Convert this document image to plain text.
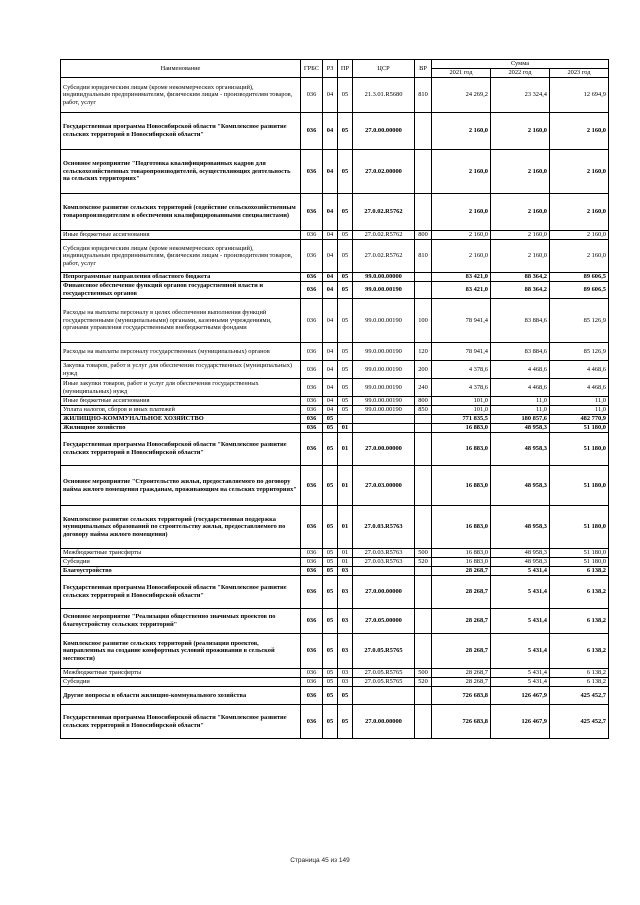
Наименование	ГРБС	РЗ	ПР	ЦСР	ВР	Сумма		
						2021 год	2022 год	2023 год
Субсидии юридическим лицам (кроме некоммерческих организаций), индивидуальным предпринимателям, физическим лицам - производителям товаров, работ, услуг	036	04	05	21.3.01.R5680	810	24 269,2	23 324,4	12 694,9
Государственная программа Новосибирской области "Комплексное развитие сельских территорий в Новосибирской области"	036	04	05	27.0.00.00000		2 160,0	2 160,0	2 160,0
Основное мероприятие "Подготовка квалифицированных кадров для сельскохозяйственных товаропроизводителей, осуществляющих деятельность на сельских территориях"	036	04	05	27.0.02.00000		2 160,0	2 160,0	2 160,0
Комплексное развитие сельских территорий (содействие сельскохозяйственным товаропроизводителям в обеспечении квалифицированными специалистами)	036	04	05	27.0.02.R5762		2 160,0	2 160,0	2 160,0
Иные бюджетные ассигнования	036	04	05	27.0.02.R5762	800	2 160,0	2 160,0	2 160,0
Субсидии юридическим лицам (кроме некоммерческих организаций), индивидуальным предпринимателям, физическим лицам - производителям товаров, работ, услуг	036	04	05	27.0.02.R5762	810	2 160,0	2 160,0	2 160,0
Непрограммные направления областного бюджета	036	04	05	99.0.00.00000		83 421,0	88 364,2	89 606,5
Финансовое обеспечение функций органов государственной власти и государственных органов	036	04	05	99.0.00.00190		83 421,0	88 364,2	89 606,5
Расходы на выплаты персоналу в целях обеспечения выполнения функций государственными (муниципальными) органами, казенными учреждениями, органами управления государственными внебюджетными фондами	036	04	05	99.0.00.00190	100	78 941,4	83 884,6	85 126,9
Расходы на выплаты персоналу государственных (муниципальных) органов	036	04	05	99.0.00.00190	120	78 941,4	83 884,6	85 126,9
Закупка товаров, работ и услуг для обеспечения государственных (муниципальных) нужд	036	04	05	99.0.00.00190	200	4 378,6	4 468,6	4 468,6
Иные закупки товаров, работ и услуг для обеспечения государственных (муниципальных) нужд	036	04	05	99.0.00.00190	240	4 378,6	4 468,6	4 468,6
Иные бюджетные ассигнования	036	04	05	99.0.00.00190	800	101,0	11,0	11,0
Уплата налогов, сборов и иных платежей	036	04	05	99.0.00.00190	850	101,0	11,0	11,0
ЖИЛИЩНО-КОММУНАЛЬНОЕ ХОЗЯЙСТВО	036	05				771 835,5	180 857,6	482 770,9
Жилищное хозяйство	036	05	01			16 883,0	48 958,3	51 180,0
Государственная программа Новосибирской области "Комплексное развитие сельских территорий в Новосибирской области"	036	05	01	27.0.00.00000		16 883,0	48 958,3	51 180,0
Основное мероприятие "Строительство жилья, предоставляемого по договору найма жилого помещения гражданам, проживающим на сельских территориях"	036	05	01	27.0.03.00000		16 883,0	48 958,3	51 180,0
Комплексное развитие сельских территорий (государственная поддержка муниципальных образований по строительству жилья, предоставляемого по договору найма жилого помещения)	036	05	01	27.0.03.R5763		16 883,0	48 958,3	51 180,0
Межбюджетные трансферты	036	05	01	27.0.03.R5763	500	16 883,0	48 958,3	51 180,0
Субсидии	036	05	01	27.0.03.R5763	520	16 883,0	48 958,3	51 180,0
Благоустройство	036	05	03			28 268,7	5 431,4	6 138,2
Государственная программа Новосибирской области "Комплексное развитие сельских территорий в Новосибирской области"	036	05	03	27.0.00.00000		28 268,7	5 431,4	6 138,2
Основное мероприятие "Реализация общественно значимых проектов по благоустройству сельских территорий"	036	05	03	27.0.05.00000		28 268,7	5 431,4	6 138,2
Комплексное развитие сельских территорий (реализация проектов, направленных на создание комфортных условий проживания в сельской местности)	036	05	03	27.0.05.R5765		28 268,7	5 431,4	6 138,2
Межбюджетные трансферты	036	05	03	27.0.05.R5765	500	28 268,7	5 431,4	6 138,2
Субсидии	036	05	03	27.0.05.R5765	520	28 268,7	5 431,4	6 138,2
Другие вопросы в области жилищно-коммунального хозяйства	036	05	05			726 683,8	126 467,9	425 452,7
Государственная программа Новосибирской области "Комплексное развитие сельских территорий в Новосибирской области"	036	05	05	27.0.00.00000		726 683,8	126 467,9	425 452,7
Страница 45 из 149
